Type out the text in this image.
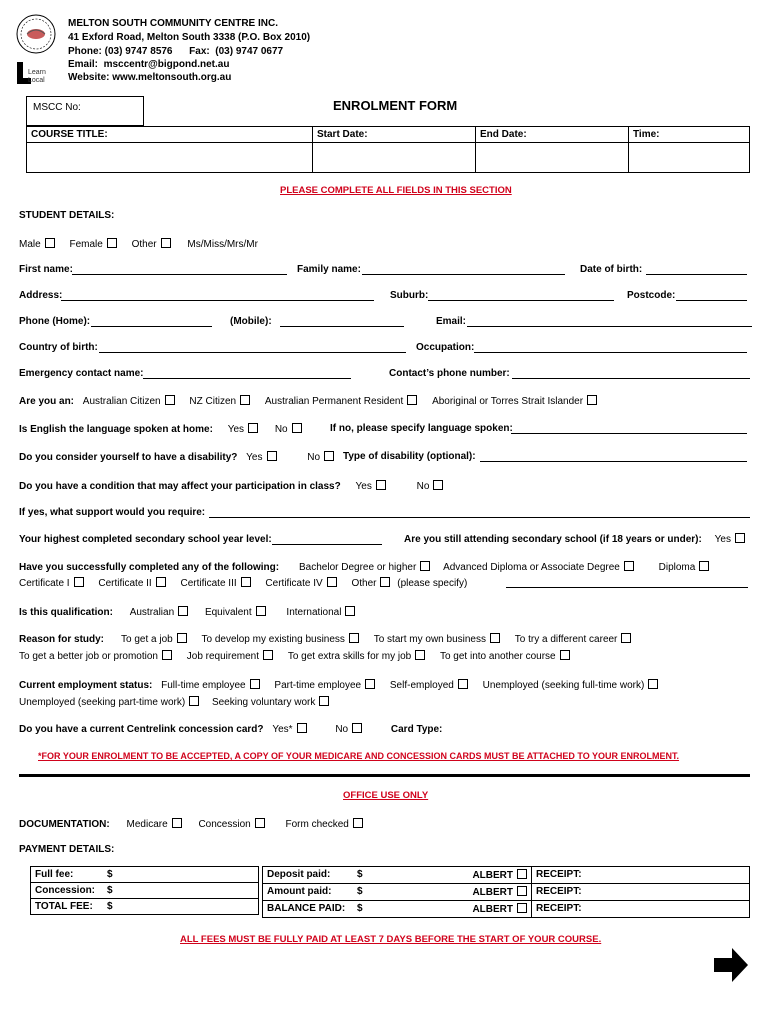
Learn
Local
MELTON SOUTH COMMUNITY CENTRE INC.
41 Exford Road, Melton South 3338 (P.O. Box 2010)
Phone: (03) 9747 8576      Fax:  (03) 9747 0677
Email:  msccentr@bigpond.net.au
Website: www.meltonsouth.org.au
MSCC No:	ENROLMENT FORM
COURSE TITLE:	Start Date:	End Date:	Time:

PLEASE COMPLETE ALL FIELDS IN THIS SECTION
STUDENT DETAILS:
Male	Female	Other	Ms/Miss/Mrs/Mr
First name:	Family name:	Date of birth:
Address:	Suburb:	Postcode:
Phone (Home):	(Mobile):	Email:
Country of birth:	Occupation:
Emergency contact name:	Contact’s phone number:
Are you an: Australian Citizen	NZ Citizen	Australian Permanent Resident	Aboriginal or Torres Strait Islander
Is English the language spoken at home: Yes	No	If no, please specify language spoken:
Do you consider yourself to have a disability? Yes	No	Type of disability (optional):
Do you have a condition that may affect your participation in class? Yes	No
If yes, what support would you require:
Your highest completed secondary school year level:	Are you still attending secondary school (if 18 years or under): Yes
Have you successfully completed any of the following: Bachelor Degree or higher	Advanced Diploma or Associate Degree	Diploma
Certificate I	Certificate II	Certificate III	Certificate IV	Other (please specify)
Is this qualification: Australian	Equivalent	International
Reason for study: To get a job	To develop my existing business	To start my own business	To try a different career
To get a better job or promotion	Job requirement	To get extra skills for my job	To get into another course
Current employment status: Full-time employee	Part-time employee	Self-employed	Unemployed (seeking full-time work)
Unemployed (seeking part-time work)	Seeking voluntary work
Do you have a current Centrelink concession card? Yes*	No	Card Type:
*FOR YOUR ENROLMENT TO BE ACCEPTED, A COPY OF YOUR MEDICARE AND CONCESSION CARDS MUST BE ATTACHED TO YOUR ENROLMENT.
OFFICE USE ONLY
DOCUMENTATION: Medicare	Concession	Form checked
PAYMENT DETAILS:
Full fee:	$
Concession:	$
TOTAL FEE:	$
Deposit paid:	$	ALBERT	RECEIPT:
Amount paid:	$	ALBERT	RECEIPT:
BALANCE PAID:	$	ALBERT	RECEIPT:
ALL FEES MUST BE FULLY PAID AT LEAST 7 DAYS BEFORE THE START OF YOUR COURSE.
